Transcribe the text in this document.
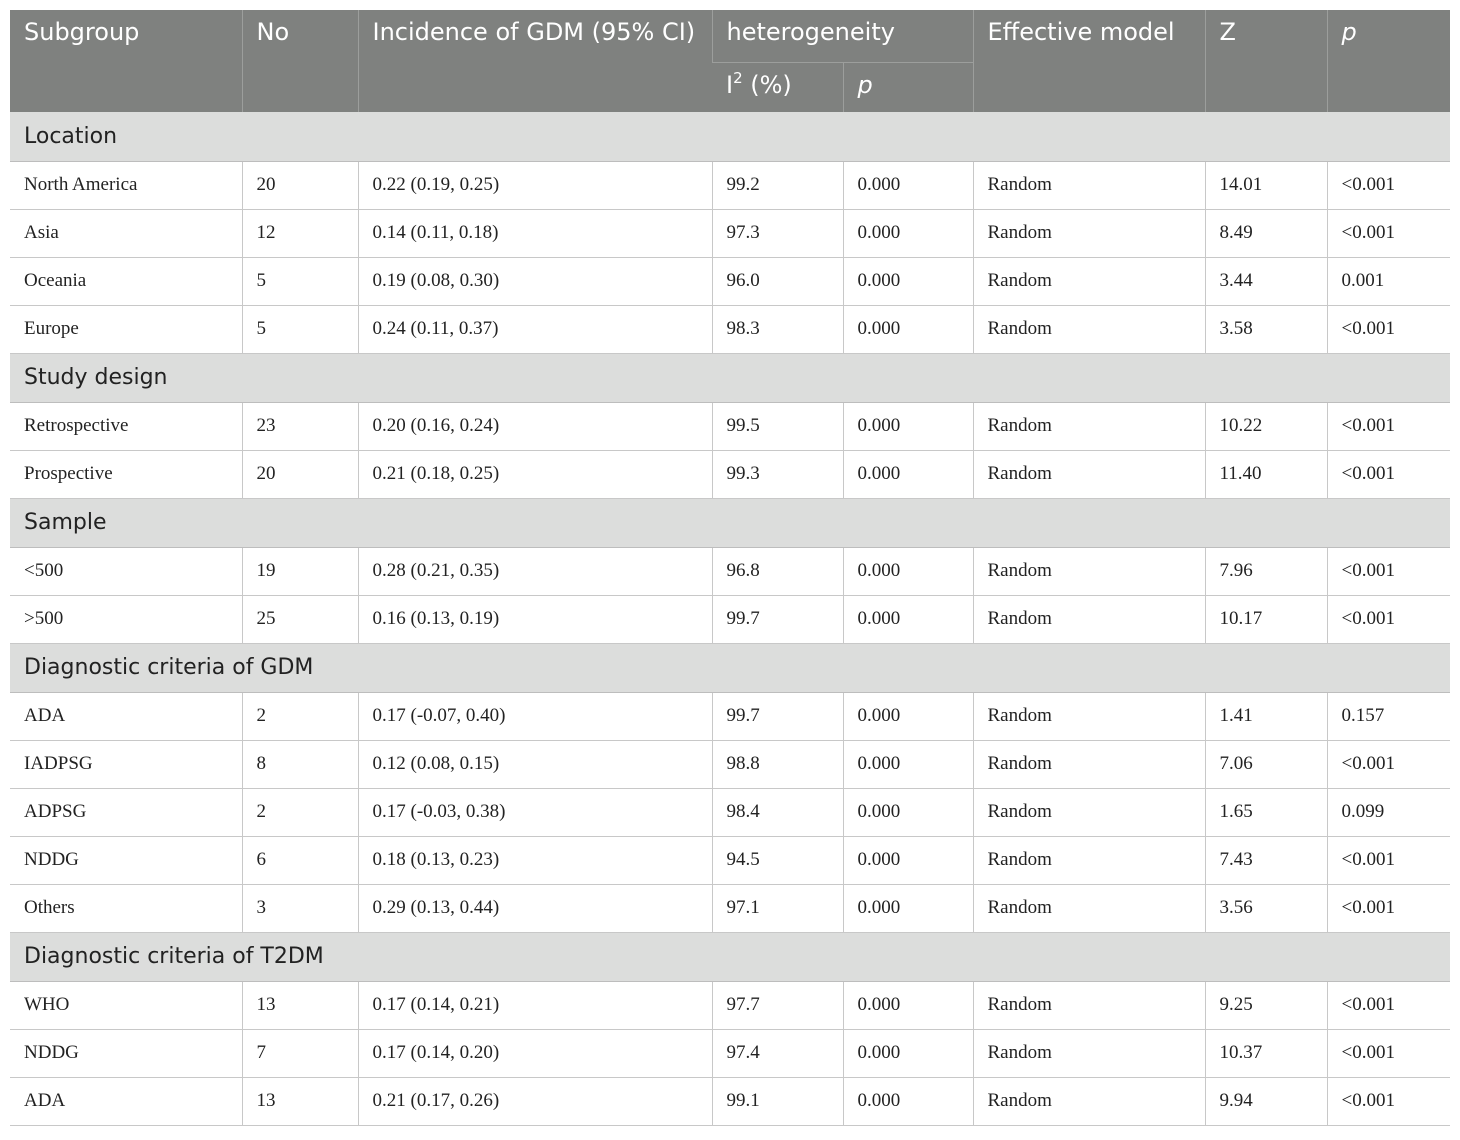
Subgroup	No	Incidence of GDM (95% CI)	heterogeneity		Effective model	Z	p
			$I^2$ (%)	p			
Location							
North America	20	0.22 (0.19, 0.25)	99.2	0.000	Random	14.01	<0.001
Asia	12	0.14 (0.11, 0.18)	97.3	0.000	Random	8.49	<0.001
Oceania	5	0.19 (0.08, 0.30)	96.0	0.000	Random	3.44	0.001
Europe	5	0.24 (0.11, 0.37)	98.3	0.000	Random	3.58	<0.001
Study design							
Retrospective	23	0.20 (0.16, 0.24)	99.5	0.000	Random	10.22	<0.001
Prospective	20	0.21 (0.18, 0.25)	99.3	0.000	Random	11.40	<0.001
Sample							
<500	19	0.28 (0.21, 0.35)	96.8	0.000	Random	7.96	<0.001
>500	25	0.16 (0.13, 0.19)	99.7	0.000	Random	10.17	<0.001
Diagnostic criteria of GDM							
ADA	2	0.17 (-0.07, 0.40)	99.7	0.000	Random	1.41	0.157
IADPSG	8	0.12 (0.08, 0.15)	98.8	0.000	Random	7.06	<0.001
ADPSG	2	0.17 (-0.03, 0.38)	98.4	0.000	Random	1.65	0.099
NDDG	6	0.18 (0.13, 0.23)	94.5	0.000	Random	7.43	<0.001
Others	3	0.29 (0.13, 0.44)	97.1	0.000	Random	3.56	<0.001
Diagnostic criteria of T2DM							
WHO	13	0.17 (0.14, 0.21)	97.7	0.000	Random	9.25	<0.001
NDDG	7	0.17 (0.14, 0.20)	97.4	0.000	Random	10.37	<0.001
ADA	13	0.21 (0.17, 0.26)	99.1	0.000	Random	9.94	<0.001
